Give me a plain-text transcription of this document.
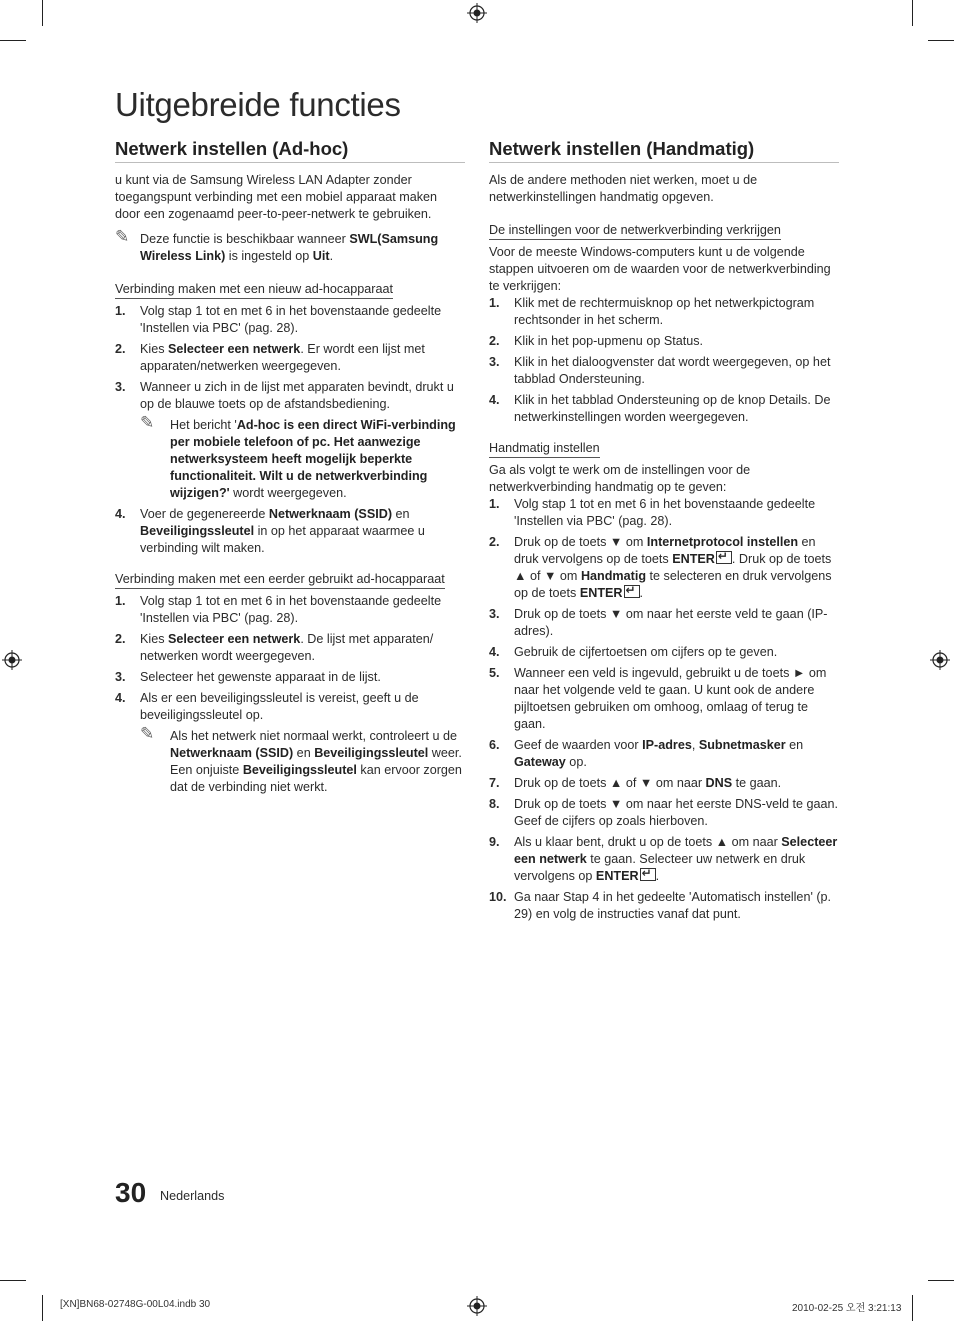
Uitgebreide functies
Netwerk instellen (Ad-hoc)

u kunt via de Samsung Wireless LAN Adapter zonder toegangspunt verbinding met een mobiel apparaat maken door een zogenaamd peer-to-peer-netwerk te gebruiken.

✎ Deze functie is beschikbaar wanneer SWL(Samsung Wireless Link) is ingesteld op Uit.
Verbinding maken met een nieuw ad-hocapparaat
1. Volg stap 1 tot en met 6 in het bovenstaande gedeelte 'Instellen via PBC' (pag. 28).
2. Kies Selecteer een netwerk. Er wordt een lijst met apparaten/netwerken weergegeven.
3. Wanneer u zich in de lijst met apparaten bevindt, drukt u op de blauwe toets op de afstandsbediening.
✎ Het bericht 'Ad-hoc is een direct WiFi-verbinding per mobiele telefoon of pc. Het aanwezige netwerksysteem heeft mogelijk beperkte functionaliteit. Wilt u de netwerkverbinding wijzigen?' wordt weergegeven.
4. Voer de gegenereerde Netwerknaam (SSID) en Beveiligingssleutel in op het apparaat waarmee u verbinding wilt maken.
Verbinding maken met een eerder gebruikt ad-hocapparaat
1. Volg stap 1 tot en met 6 in het bovenstaande gedeelte 'Instellen via PBC' (pag. 28).
2. Kies Selecteer een netwerk. De lijst met apparaten/ netwerken wordt weergegeven.
3. Selecteer het gewenste apparaat in de lijst.
4. Als er een beveiligingssleutel is vereist, geeft u de beveiligingssleutel op.
✎ Als het netwerk niet normaal werkt, controleert u de Netwerknaam (SSID) en Beveiligingssleutel weer. Een onjuiste Beveiligingssleutel kan ervoor zorgen dat de verbinding niet werkt.
Netwerk instellen (Handmatig)

Als de andere methoden niet werken, moet u de netwerkinstellingen handmatig opgeven.

De instellingen voor de netwerkverbinding verkrijgen

Voor de meeste Windows-computers kunt u de volgende stappen uitvoeren om de waarden voor de netwerkverbinding te verkrijgen:

1. Klik met de rechtermuisknop op het netwerkpictogram rechtsonder in het scherm.
2. Klik in het pop-upmenu op Status.
3. Klik in het dialoogvenster dat wordt weergegeven, op het tabblad Ondersteuning.
4. Klik in het tabblad Ondersteuning op de knop Details. De netwerkinstellingen worden weergegeven.
Handmatig instellen

Ga als volgt te werk om de instellingen voor de netwerkverbinding handmatig op te geven:

1. Volg stap 1 tot en met 6 in het bovenstaande gedeelte 'Instellen via PBC' (pag. 28).
2. Druk op de toets ▼ om Internetprotocol instellen en druk vervolgens op de toets ENTER ↵ . Druk op de toets ▲ of ▼ om Handmatig te selecteren en druk vervolgens op de toets ENTER ↵ .
3. Druk op de toets ▼ om naar het eerste veld te gaan (IP-adres).
4. Gebruik de cijfertoetsen om cijfers op te geven.
5. Wanneer een veld is ingevuld, gebruikt u de toets ► om naar het volgende veld te gaan. U kunt ook de andere pijltoetsen gebruiken om omhoog, omlaag of terug te gaan.
6. Geef de waarden voor IP-adres, Subnetmasker en Gateway op.
7. Druk op de toets ▲ of ▼ om naar DNS te gaan.
8. Druk op de toets ▼ om naar het eerste DNS-veld te gaan. Geef de cijfers op zoals hierboven.
9. Als u klaar bent, drukt u op de toets ▲ om naar Selecteer een netwerk te gaan. Selecteer uw netwerk en druk vervolgens op ENTER ↵ .
10. Ga naar Stap 4 in het gedeelte 'Automatisch instellen' (p. 29) en volg de instructies vanaf dat punt.
30 Nederlands
[XN]BN68-02748G-00L04.indb 30	2010-02-25 오전 3:21:13
